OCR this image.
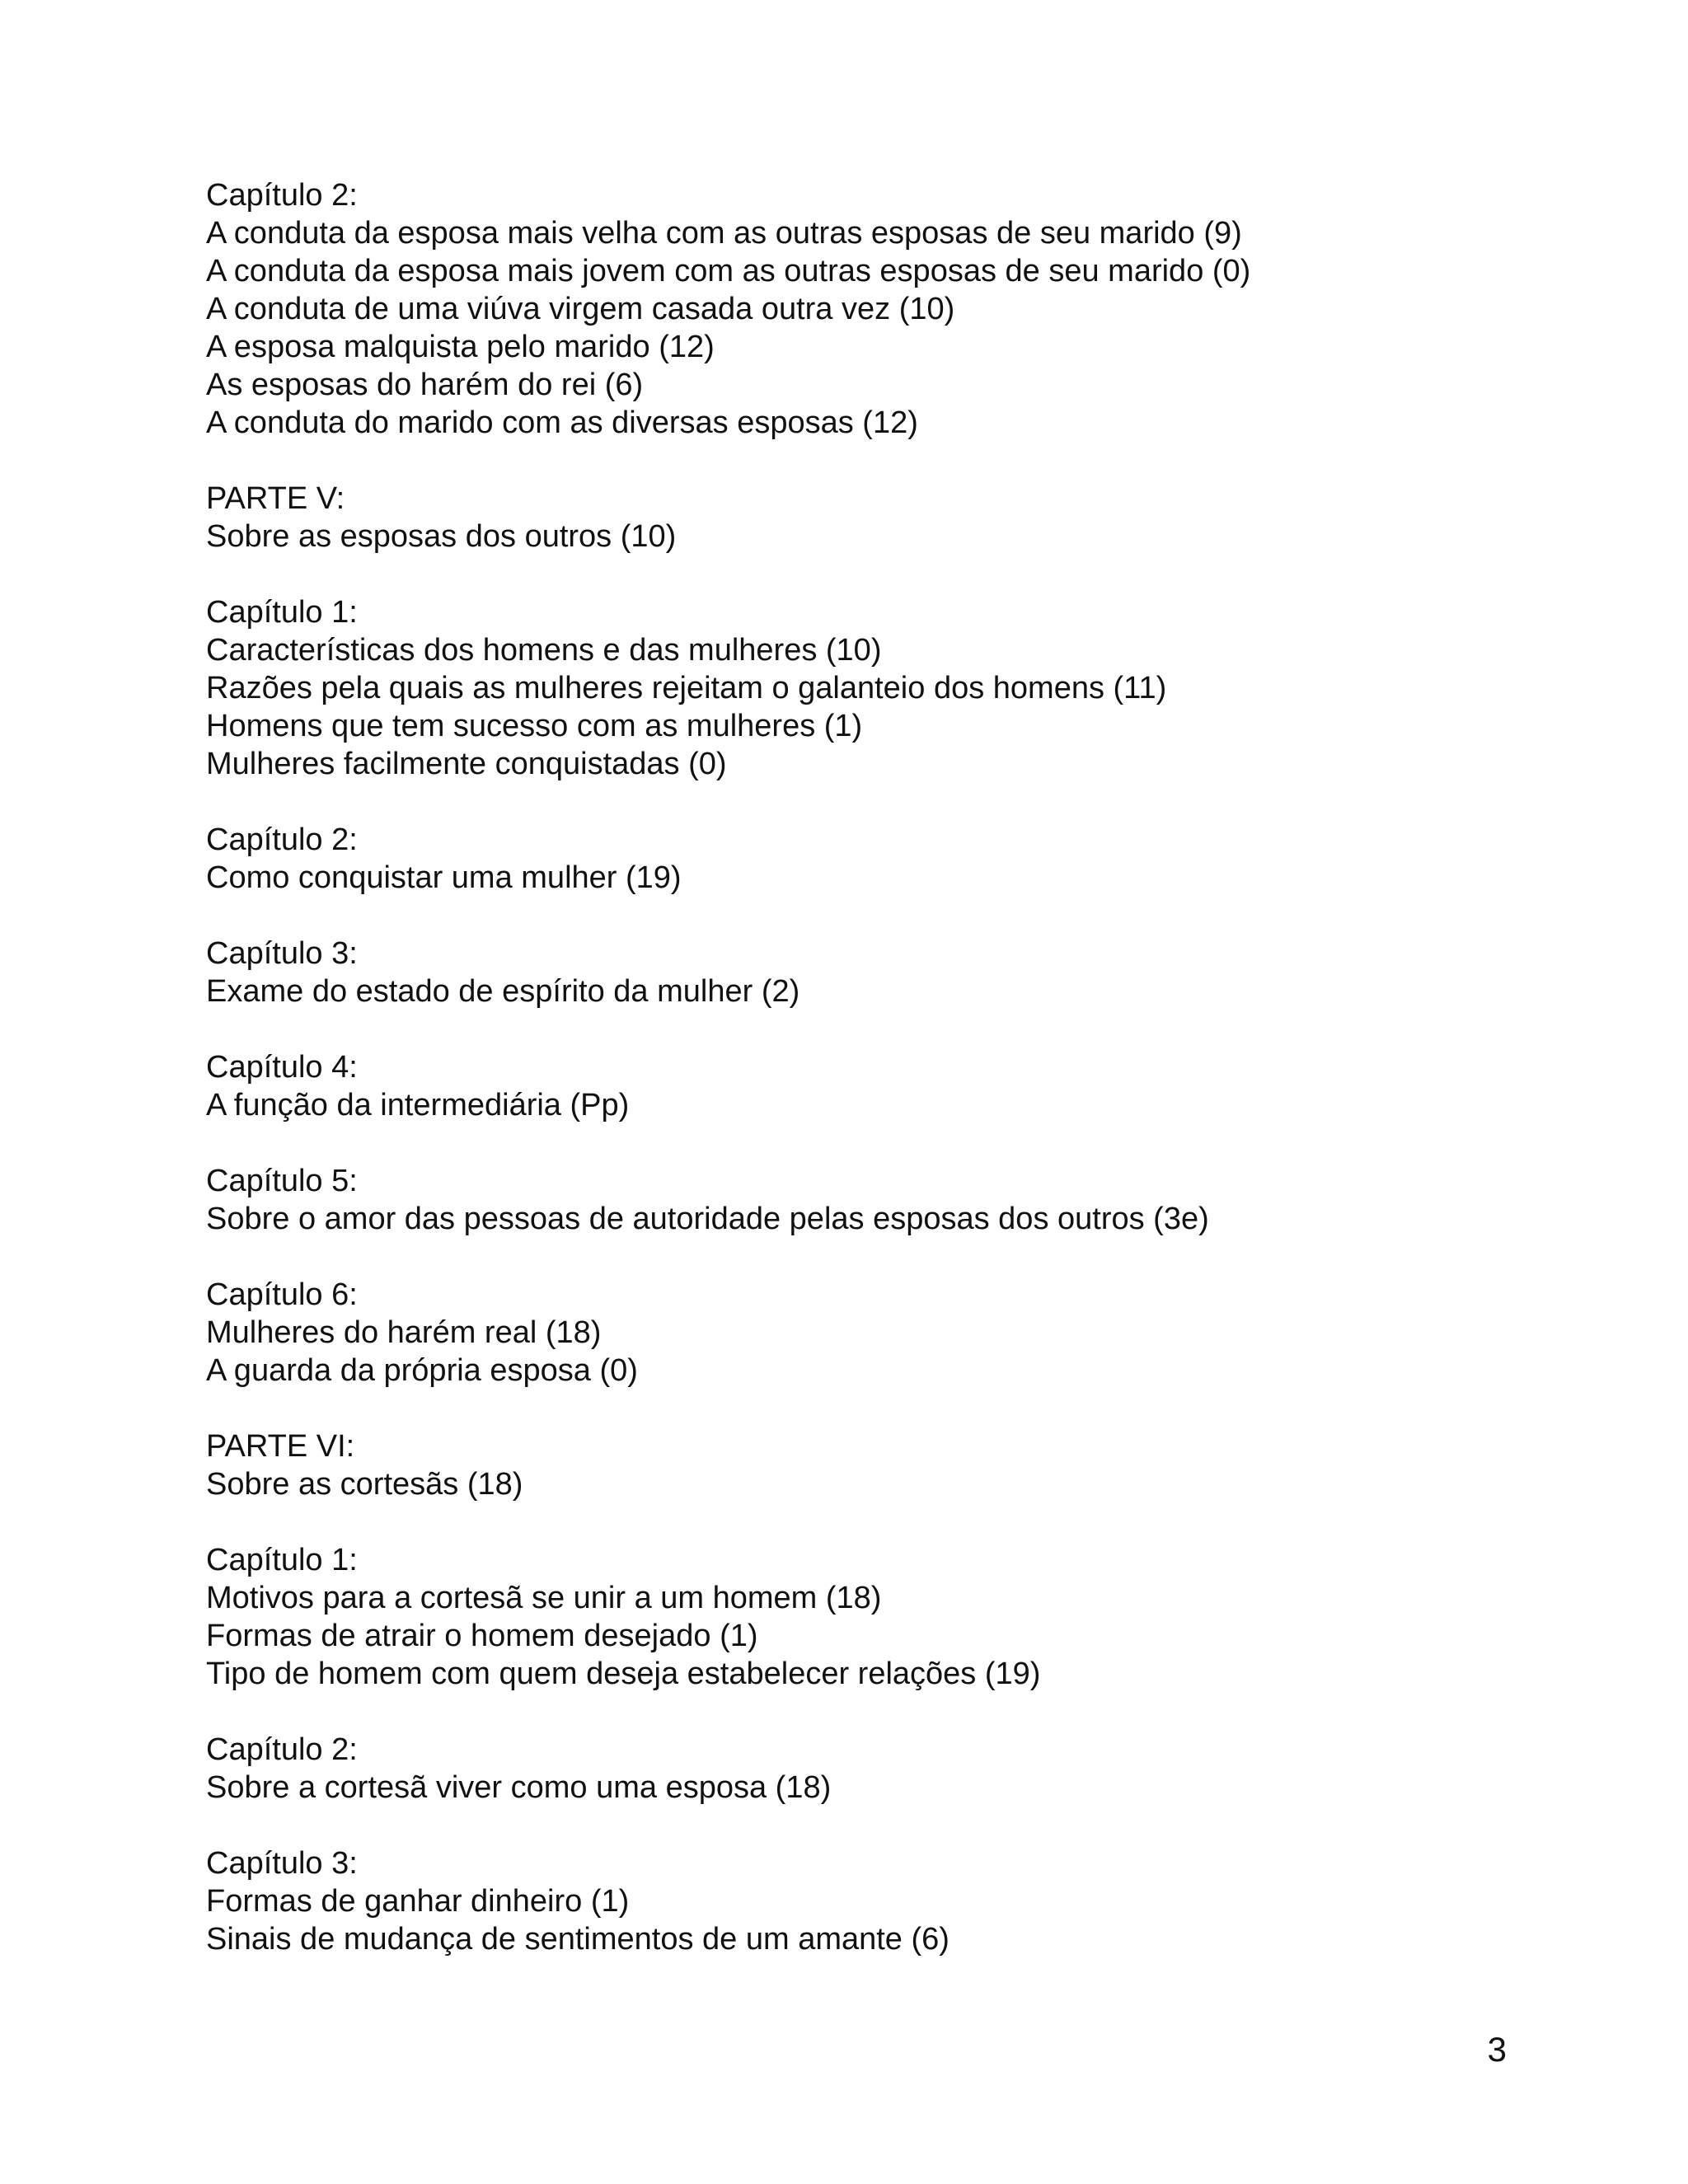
Capítulo 2:
A conduta da esposa mais velha com as outras esposas de seu marido (9)
A conduta da esposa mais jovem com as outras esposas de seu marido (0)
A conduta de uma viúva virgem casada outra vez (10)
A esposa malquista pelo marido (12)
As esposas do harém do rei (6)
A conduta do marido com as diversas esposas (12)
PARTE V:
Sobre as esposas dos outros (10)
Capítulo 1:
Características dos homens e das mulheres (10)
Razões pela quais as mulheres rejeitam o galanteio dos homens (11)
Homens que tem sucesso com as mulheres (1)
Mulheres facilmente conquistadas (0)
Capítulo 2:
Como conquistar uma mulher (19)
Capítulo 3:
Exame do estado de espírito da mulher (2)
Capítulo 4:
A função da intermediária (Pp)
Capítulo 5:
Sobre o amor das pessoas de autoridade pelas esposas dos outros (3e)
Capítulo 6:
Mulheres do harém real (18)
A guarda da própria esposa (0)
PARTE VI:
Sobre as cortesãs (18)
Capítulo 1:
Motivos para a cortesã se unir a um homem (18)
Formas de atrair o homem desejado (1)
Tipo de homem com quem deseja estabelecer relações (19)
Capítulo 2:
Sobre a cortesã viver como uma esposa (18)
Capítulo 3:
Formas de ganhar dinheiro (1)
Sinais de mudança de sentimentos de um amante (6)
3
